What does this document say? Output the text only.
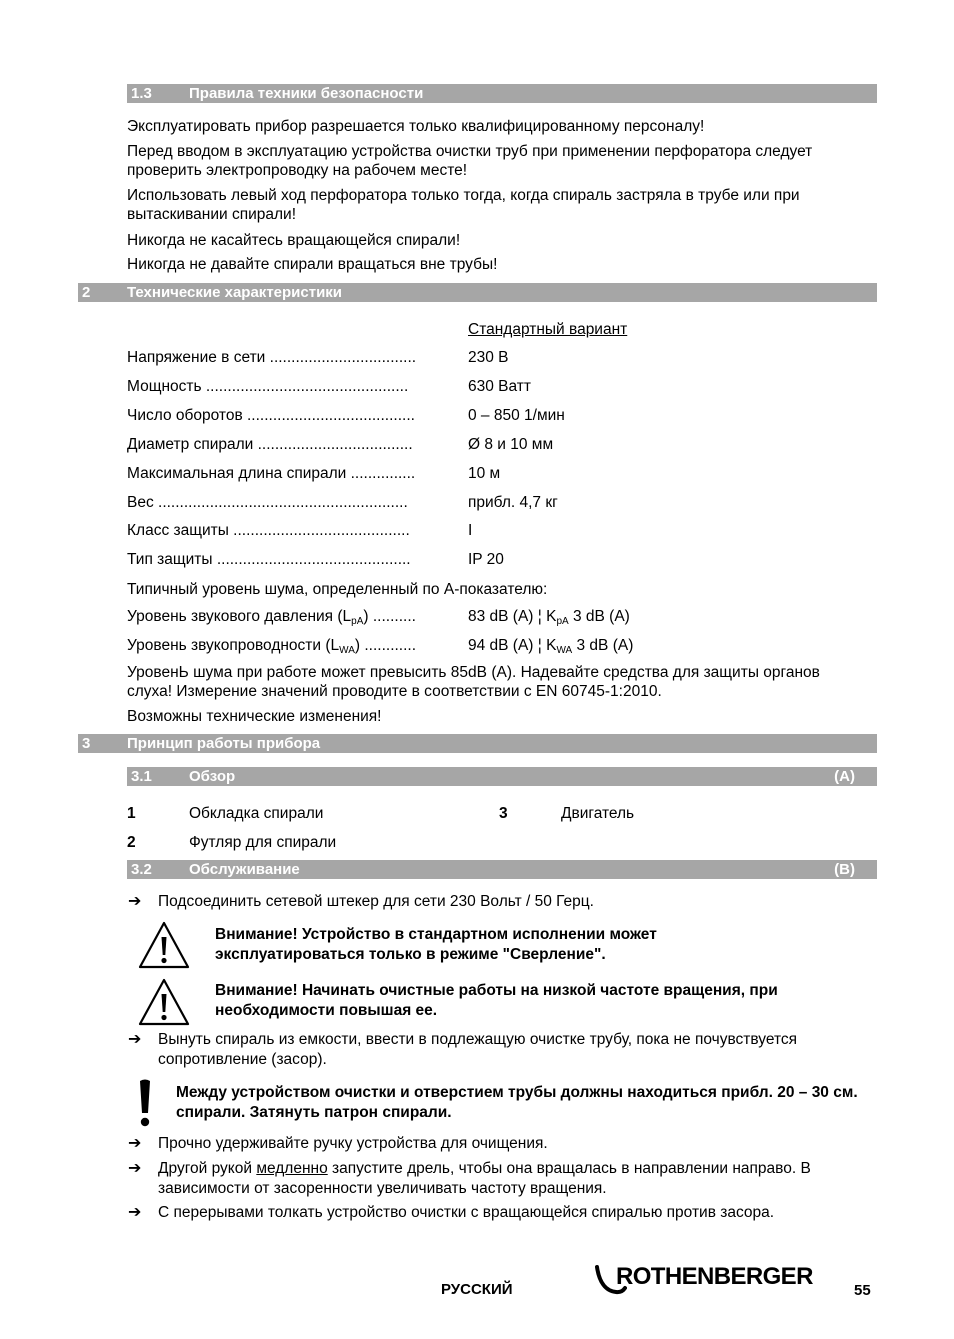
1.3 Правила техники безопасности
Эксплуатировать прибор разрешается только квалифицированному персоналу!
Перед вводом в эксплуатацию устройства очистки труб при применении перфоратора следует проверить электропроводку на рабочем месте!
Использовать левый ход перфоратора только тогда, когда спираль застряла в трубе или при вытаскивании спирали!
Никогда не касайтесь вращающейся спирали!
Никогда не давайте спирали вращаться вне трубы!
2 Технические характеристики
Стандартный вариант
Напряжение в сети ..................................	230 В
Мощность ...............................................	630 Ватт
Число оборотов .......................................	0 – 850 1/мин
Диаметр спирали ....................................	Ø 8 и 10 мм
Максимальная длина спирали ...............	10 м
Вес ..........................................................	прибл. 4,7 кг
Класс защиты .........................................	I
Тип защиты .............................................	IP 20
Типичный уровень шума, определенный по А-показателю:
Уровень звукового давления $(L_{pA})$ ..........	83 dB (A) ¦ $K_{pA}$ 3 dB (A)
Уровень звукопроводности $(L_{WA})$ ............	94 dB (A) ¦ $K_{WA}$ 3 dB (A)
УровенЬ шума при работе может превысить 85dB (A). Надевайте средства для защиты органов слуха! Измерение значений проводите в соответствии с EN 60745-1:2010.
Возможны технические изменения!
3 Принцип работы прибора
3.1 Обзор	(A)
1	Обкладка спирали
2	Футляр для спирали
3	Двигатель
3.2 Обслуживание	(B)
➔ Подсоединить сетевой штекер для сети 230 Вольт / 50 Герц.
Внимание! Устройство в стандартном исполнении может эксплуатироваться только в режиме "Сверление".
Внимание! Начинать очистные работы на низкой частоте вращения, при необходимости повышая ее.
➔ Вынуть спираль из емкости, ввести в подлежащую очистке трубу, пока не почувствуется сопротивление (засор).
Между устройством очистки и отверстием трубы должны находиться прибл. 20 – 30 см. спирали. Затянуть патрон спирали.
➔ Прочно удерживайте ручку устройства для очищения.
➔ Другой рукой медленно запустите дрель, чтобы она вращалась в направлении направо. В зависимости от засоренности увеличивать частоту вращения.
➔ С перерывами толкать устройство очистки с вращающейся спиралью против засора.
РУССКИЙ	ROTHENBERGER
55
